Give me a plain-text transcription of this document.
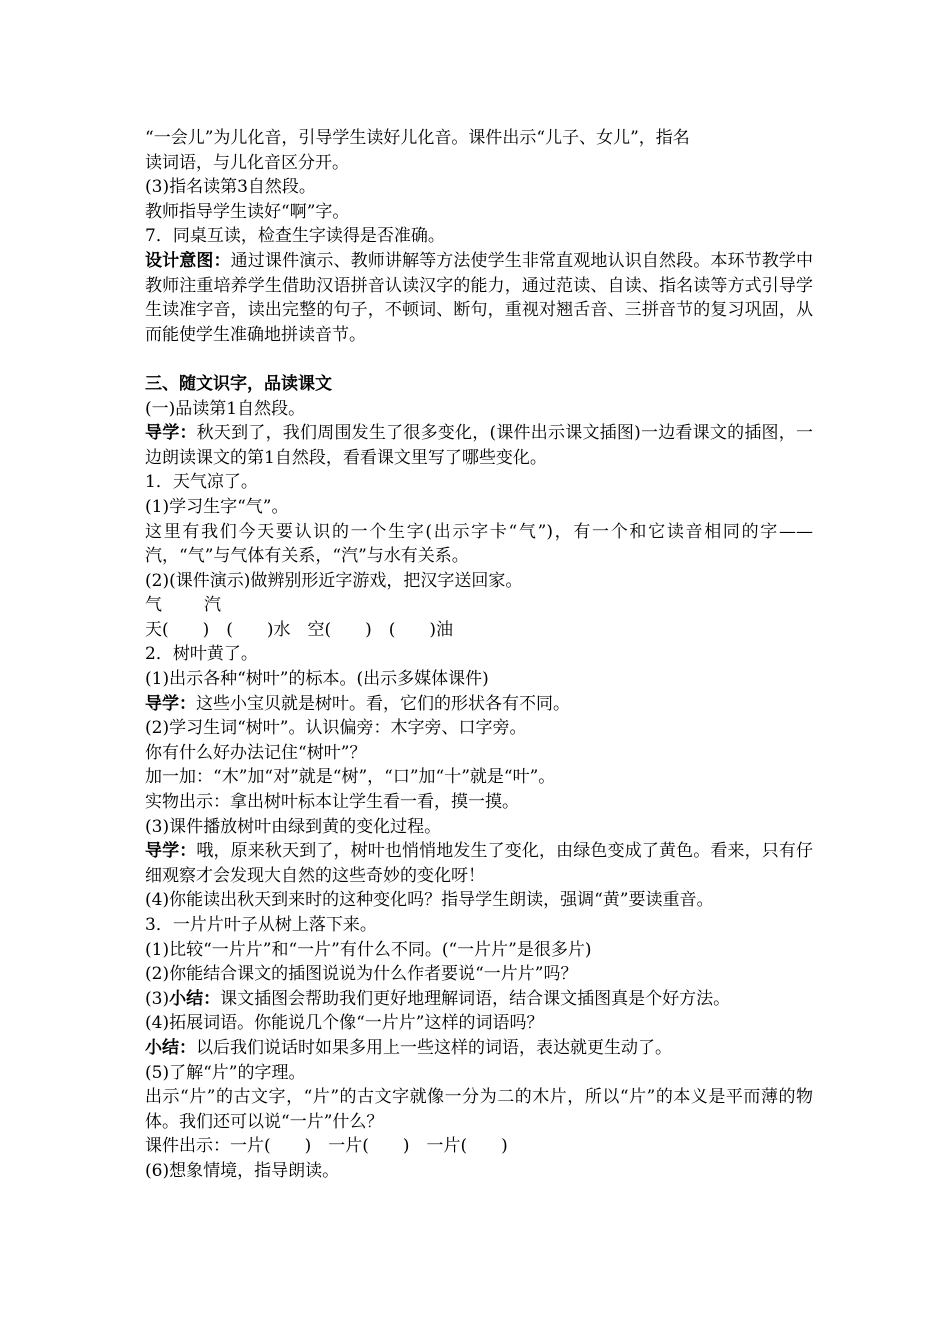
“一会儿”为儿化音，引导学生读好儿化音。课件出示“儿子、女儿”，指名
读词语，与儿化音区分开。
(3)指名读第3自然段。
教师指导学生读好“啊”字。
7．同桌互读，检查生字读得是否准确。
设计意图：通过课件演示、教师讲解等方法使学生非常直观地认识自然段。本环节教学中教师注重培养学生借助汉语拼音认读汉字的能力，通过范读、自读、指名读等方式引导学生读准字音，读出完整的句子，不顿词、断句，重视对翘舌音、三拼音节的复习巩固，从而能使学生准确地拼读音节。
三、随文识字，品读课文
(一)品读第1自然段。
导学：秋天到了，我们周围发生了很多变化，(课件出示课文插图)一边看课文的插图，一边朗读课文的第1自然段，看看课文里写了哪些变化。
1．天气凉了。
(1)学习生字“气”。
这里有我们今天要认识的一个生字(出示字卡“气”)，有一个和它读音相同的字——汽，“气”与气体有关系，“汽”与水有关系。
(2)(课件演示)做辨别形近字游戏，把汉字送回家。
气 汽
天(　　)　(　　)水　空(　　)　(　　)油
2．树叶黄了。
(1)出示各种“树叶”的标本。(出示多媒体课件)
导学：这些小宝贝就是树叶。看，它们的形状各有不同。
(2)学习生词“树叶”。认识偏旁：木字旁、口字旁。
你有什么好办法记住“树叶”？
加一加：“木”加“对”就是“树”，“口”加“十”就是“叶”。
实物出示：拿出树叶标本让学生看一看，摸一摸。
(3)课件播放树叶由绿到黄的变化过程。
导学：哦，原来秋天到了，树叶也悄悄地发生了变化，由绿色变成了黄色。看来，只有仔细观察才会发现大自然的这些奇妙的变化呀！
(4)你能读出秋天到来时的这种变化吗？指导学生朗读，强调“黄”要读重音。
3．一片片叶子从树上落下来。
(1)比较“一片片”和“一片”有什么不同。(“一片片”是很多片)
(2)你能结合课文的插图说说为什么作者要说“一片片”吗？
(3)小结：课文插图会帮助我们更好地理解词语，结合课文插图真是个好方法。
(4)拓展词语。你能说几个像“一片片”这样的词语吗？
小结：以后我们说话时如果多用上一些这样的词语，表达就更生动了。
(5)了解“片”的字理。
出示“片”的古文字，“片”的古文字就像一分为二的木片，所以“片”的本义是平而薄的物体。我们还可以说“一片”什么？
课件出示：一片(　　)　一片(　　)　一片(　　)
(6)想象情境，指导朗读。
